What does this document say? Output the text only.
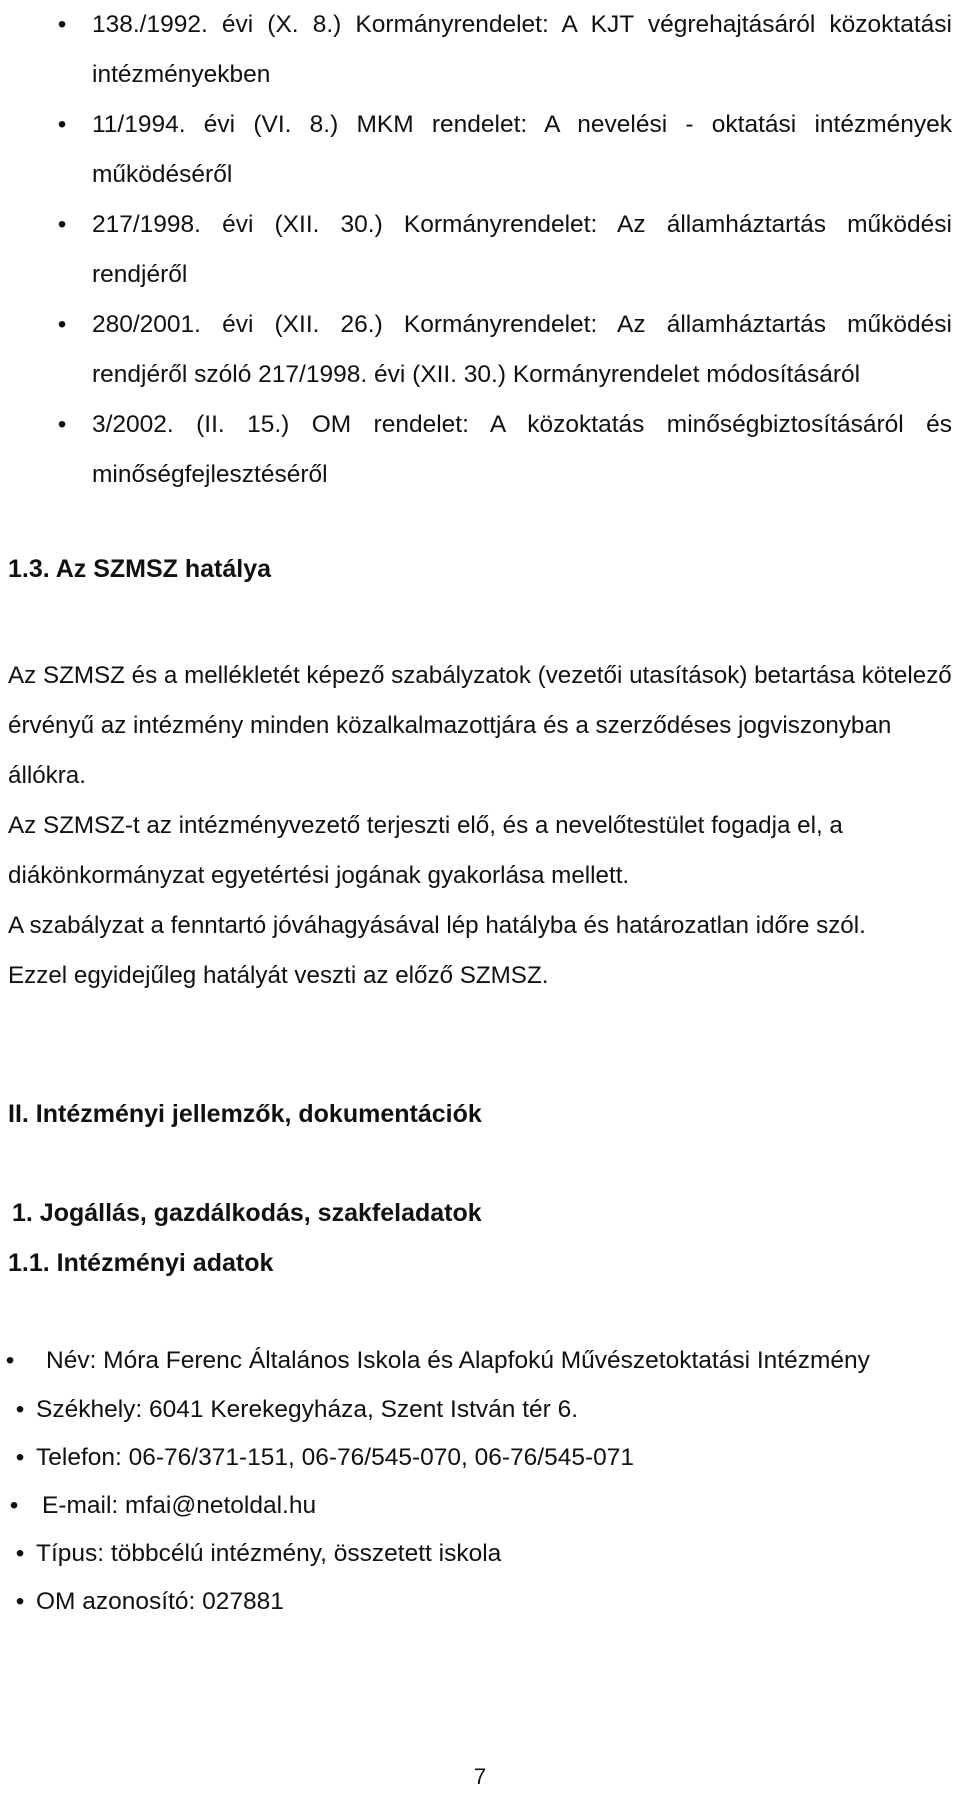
• 138./1992. évi (X. 8.) Kormányrendelet: A KJT végrehajtásáról közoktatási intézményekben
• 11/1994. évi (VI. 8.) MKM rendelet: A nevelési - oktatási intézmények működéséről
• 217/1998. évi (XII. 30.) Kormányrendelet: Az államháztartás működési rendjéről
• 280/2001. évi (XII. 26.) Kormányrendelet: Az államháztartás működési rendjéről szóló 217/1998. évi (XII. 30.) Kormányrendelet módosításáról
• 3/2002. (II. 15.) OM rendelet: A közoktatás minőségbiztosításáról és minőségfejlesztéséről
1.3. Az SZMSZ hatálya

Az SZMSZ és a mellékletét képező szabályzatok (vezetői utasítások) betartása kötelező érvényű az intézmény minden közalkalmazottjára és a szerződéses jogviszonyban állókra.

Az SZMSZ-t az intézményvezető terjeszti elő, és a nevelőtestület fogadja el, a diákönkormányzat egyetértési jogának gyakorlása mellett.

A szabályzat a fenntartó jóváhagyásával lép hatályba és határozatlan időre szól.

Ezzel egyidejűleg hatályát veszti az előző SZMSZ.

II. Intézményi jellemzők, dokumentációk
1. Jogállás, gazdálkodás, szakfeladatok
1.1. Intézményi adatok
• Név: Móra Ferenc Általános Iskola és Alapfokú Művészetoktatási Intézmény
• Székhely: 6041 Kerekegyháza, Szent István tér 6.
• Telefon: 06-76/371-151, 06-76/545-070, 06-76/545-071
• E-mail: mfai@netoldal.hu
• Típus: többcélú intézmény, összetett iskola
• OM azonosító: 027881
7
